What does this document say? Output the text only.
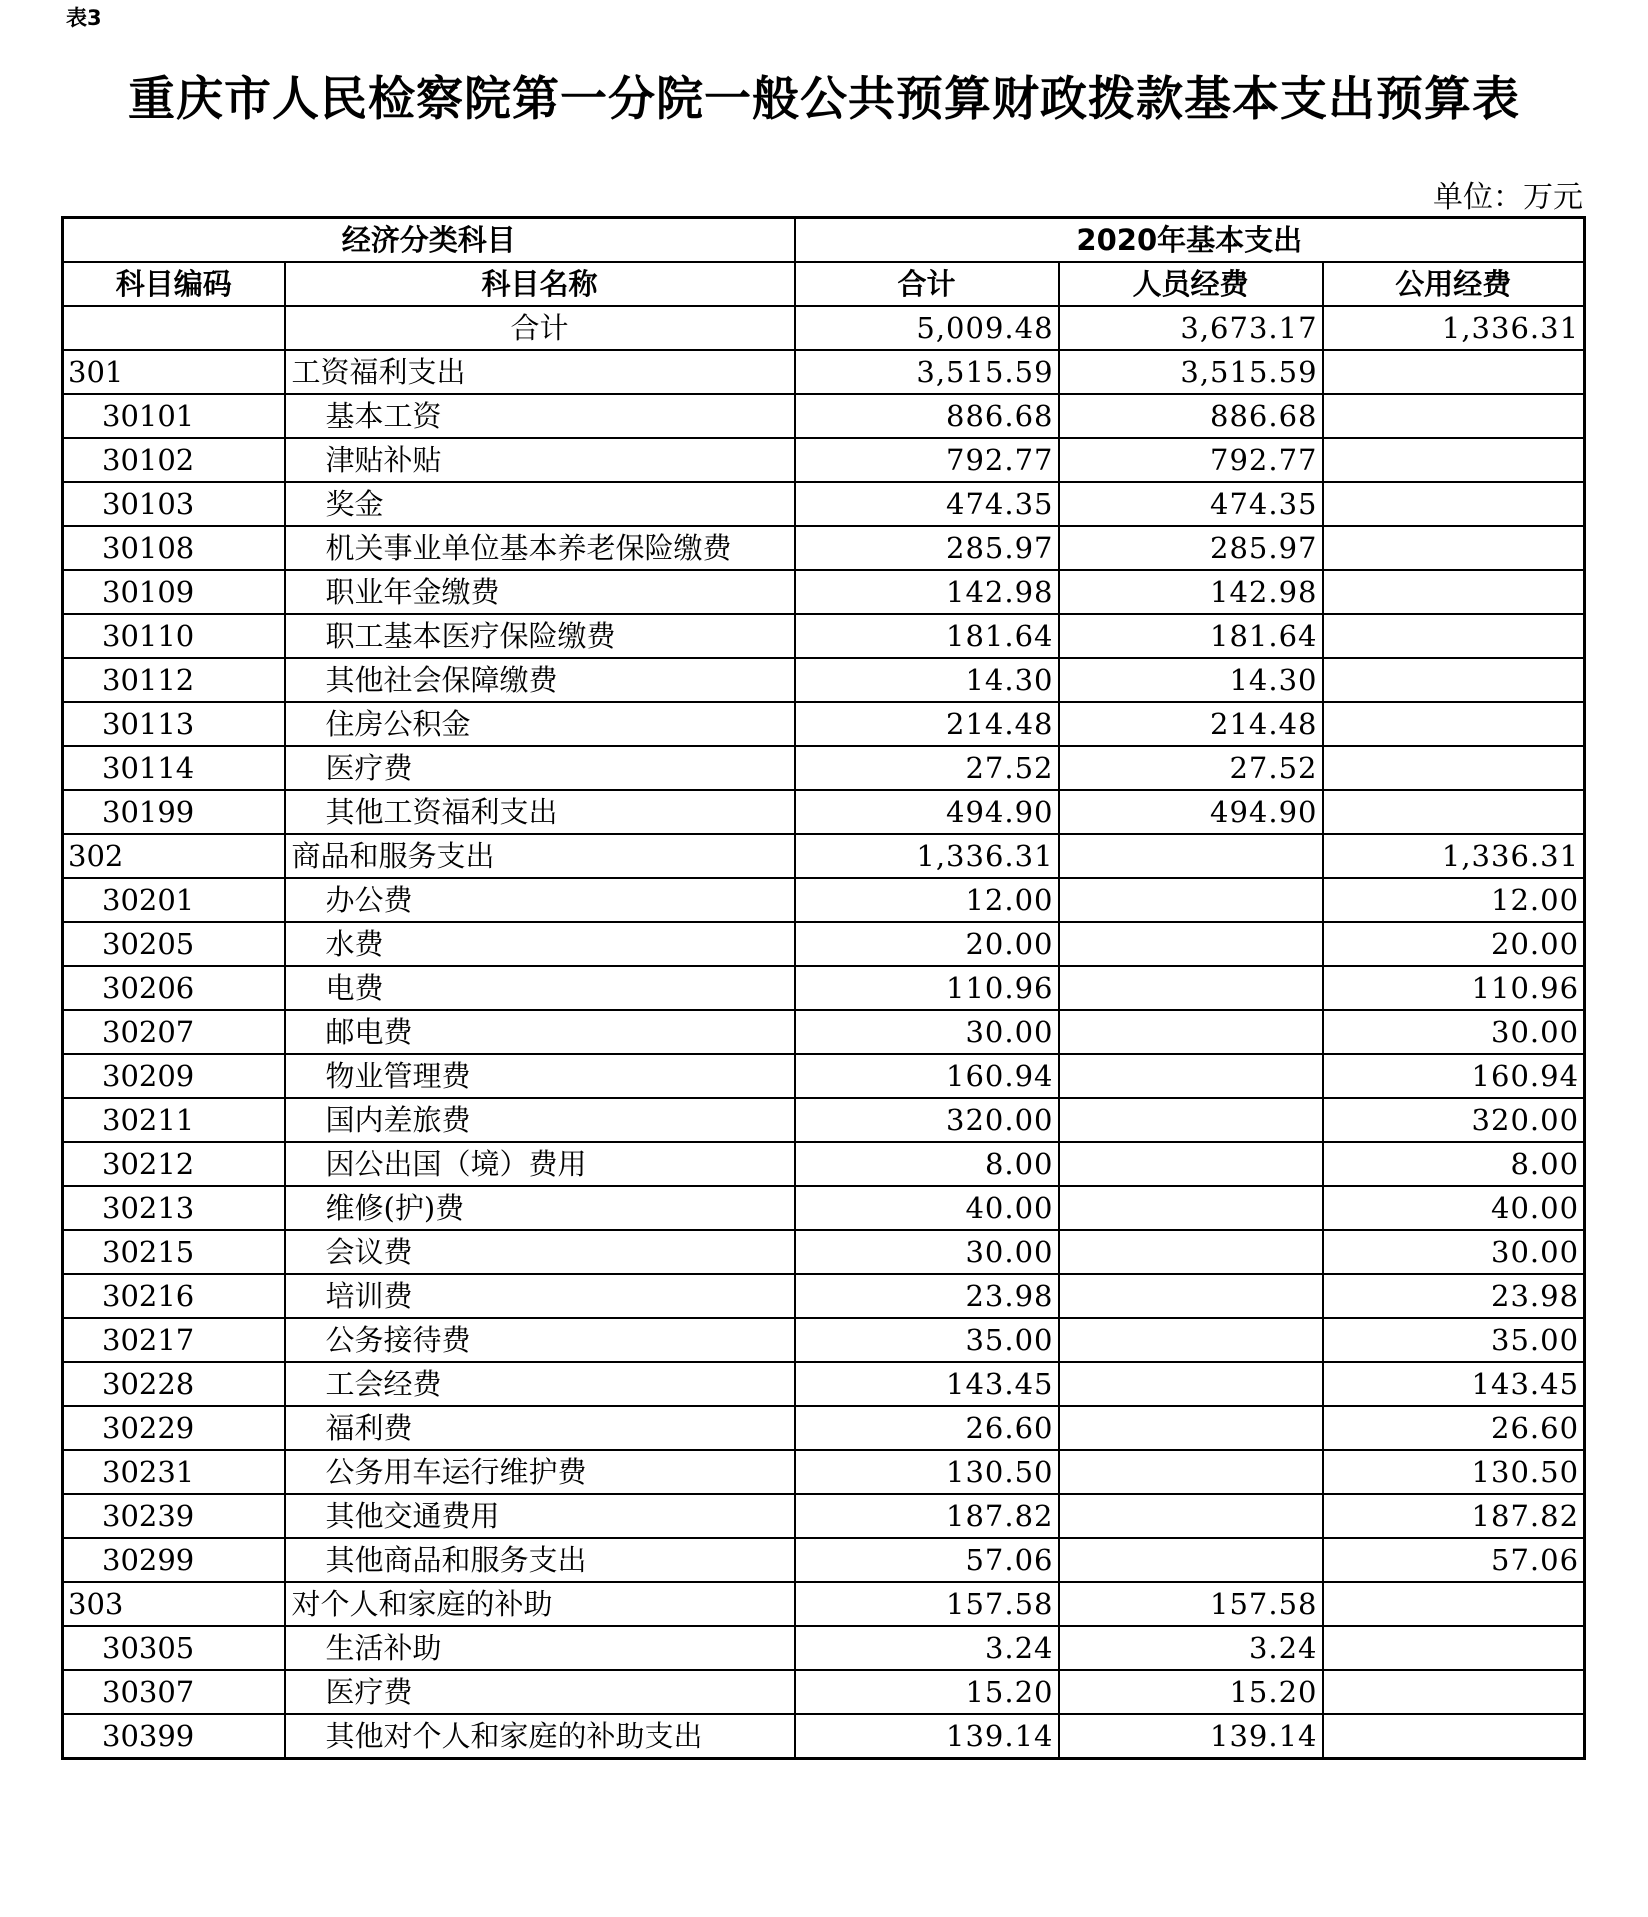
表3
重庆市人民检察院第一分院一般公共预算财政拨款基本支出预算表
单位：万元
经济分类科目		2020年基本支出		
科目编码	科目名称	合计	人员经费	公用经费
	合计	5,009.48	3,673.17	1,336.31
301	工资福利支出	3,515.59	3,515.59	
30101	基本工资	886.68	886.68	
30102	津贴补贴	792.77	792.77	
30103	奖金	474.35	474.35	
30108	机关事业单位基本养老保险缴费	285.97	285.97	
30109	职业年金缴费	142.98	142.98	
30110	职工基本医疗保险缴费	181.64	181.64	
30112	其他社会保障缴费	14.30	14.30	
30113	住房公积金	214.48	214.48	
30114	医疗费	27.52	27.52	
30199	其他工资福利支出	494.90	494.90	
302	商品和服务支出	1,336.31		1,336.31
30201	办公费	12.00		12.00
30205	水费	20.00		20.00
30206	电费	110.96		110.96
30207	邮电费	30.00		30.00
30209	物业管理费	160.94		160.94
30211	国内差旅费	320.00		320.00
30212	因公出国（境）费用	8.00		8.00
30213	维修(护)费	40.00		40.00
30215	会议费	30.00		30.00
30216	培训费	23.98		23.98
30217	公务接待费	35.00		35.00
30228	工会经费	143.45		143.45
30229	福利费	26.60		26.60
30231	公务用车运行维护费	130.50		130.50
30239	其他交通费用	187.82		187.82
30299	其他商品和服务支出	57.06		57.06
303	对个人和家庭的补助	157.58	157.58	
30305	生活补助	3.24	3.24	
30307	医疗费	15.20	15.20	
30399	其他对个人和家庭的补助支出	139.14	139.14	
